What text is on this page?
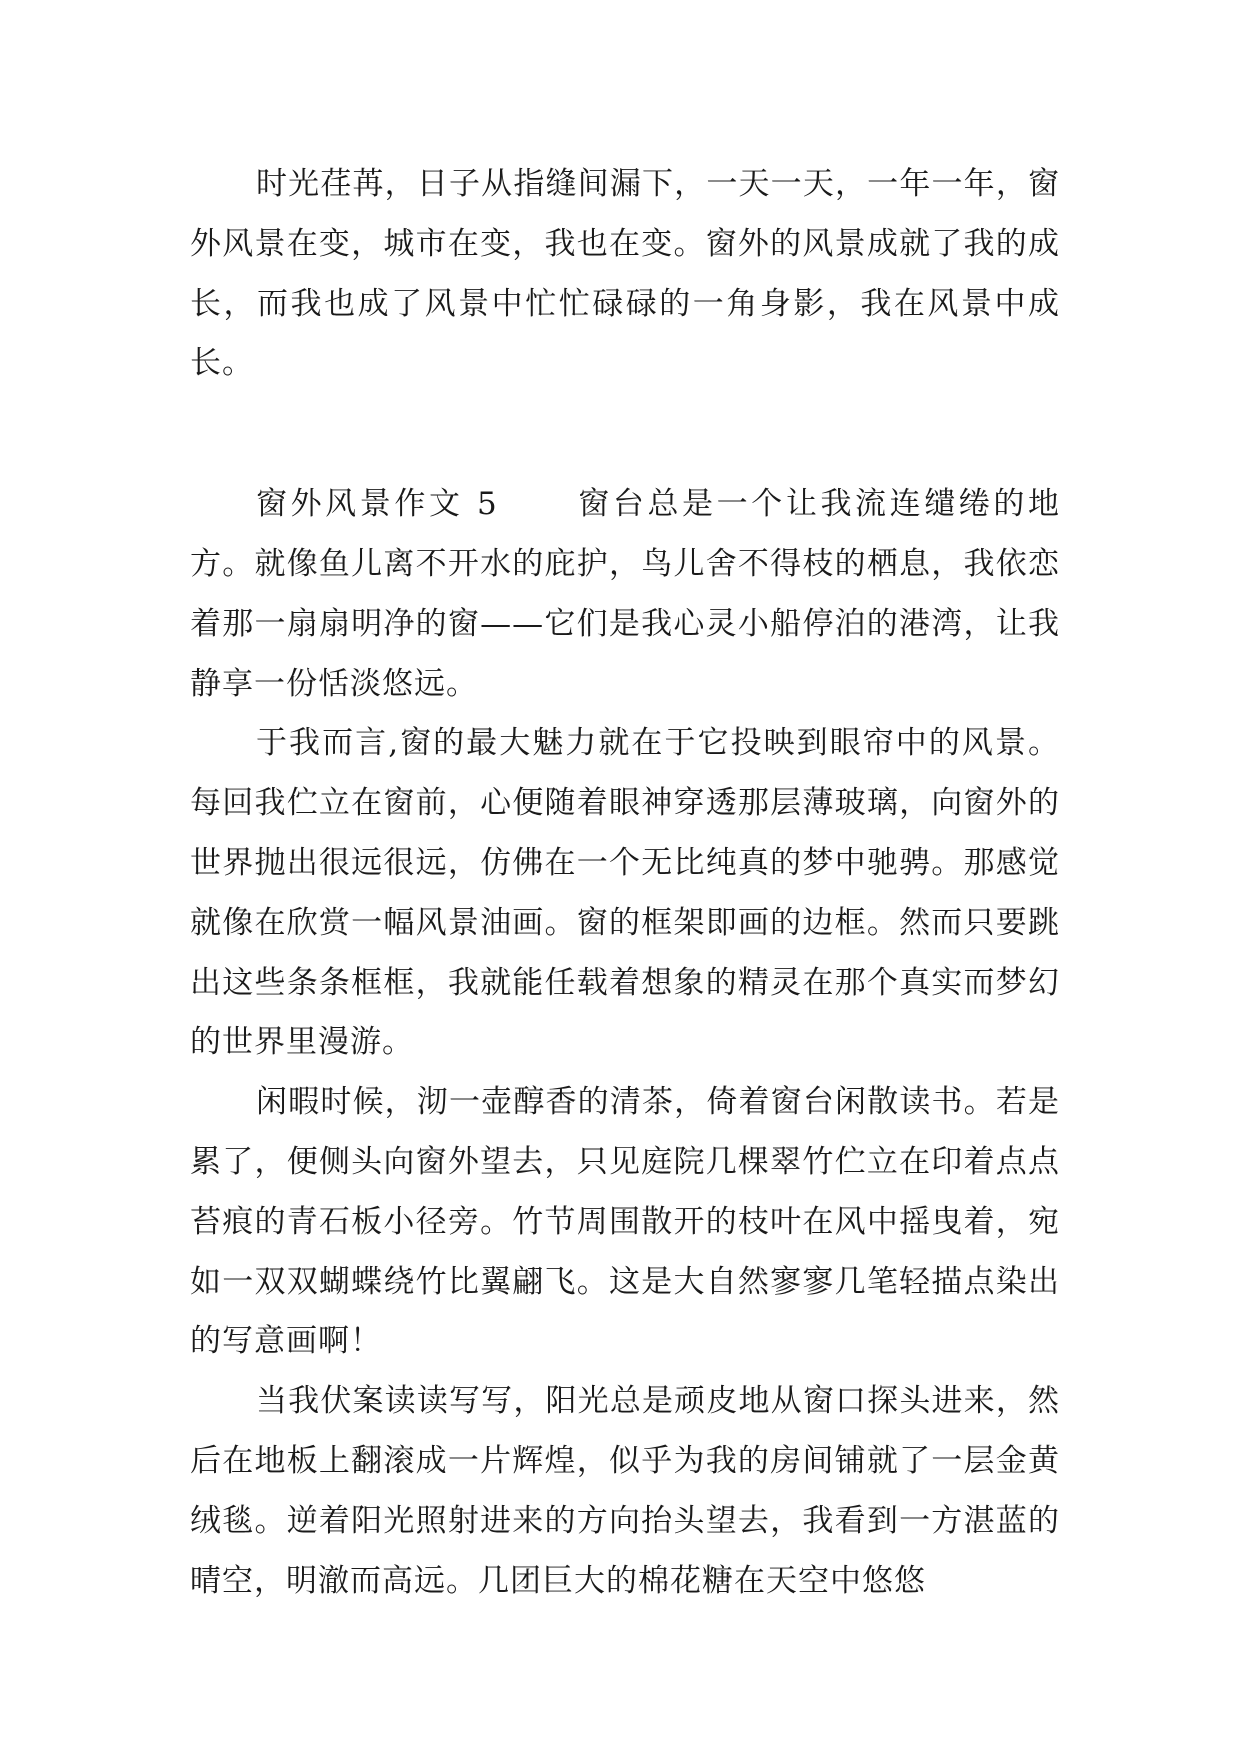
时光荏苒，日子从指缝间漏下，一天一天，一年一年，窗外风景在变，城市在变，我也在变。窗外的风景成就了我的成长，而我也成了风景中忙忙碌碌的一角身影，我在风景中成长。

窗外风景作文 5	窗台总是一个让我流连缱绻的地方。就像鱼儿离不开水的庇护，鸟儿舍不得枝的栖息，我依恋着那一扇扇明净的窗——它们是我心灵小船停泊的港湾，让我静享一份恬淡悠远。

于我而言,窗的最大魅力就在于它投映到眼帘中的风景。每回我伫立在窗前，心便随着眼神穿透那层薄玻璃，向窗外的世界抛出很远很远，仿佛在一个无比纯真的梦中驰骋。那感觉就像在欣赏一幅风景油画。窗的框架即画的边框。然而只要跳出这些条条框框，我就能任载着想象的精灵在那个真实而梦幻的世界里漫游。

闲暇时候，沏一壶醇香的清茶，倚着窗台闲散读书。若是累了，便侧头向窗外望去，只见庭院几棵翠竹伫立在印着点点苔痕的青石板小径旁。竹节周围散开的枝叶在风中摇曳着，宛如一双双蝴蝶绕竹比翼翩飞。这是大自然寥寥几笔轻描点染出的写意画啊！

当我伏案读读写写，阳光总是顽皮地从窗口探头进来，然后在地板上翻滚成一片辉煌，似乎为我的房间铺就了一层金黄绒毯。逆着阳光照射进来的方向抬头望去，我看到一方湛蓝的晴空，明澈而高远。几团巨大的棉花糖在天空中悠悠
